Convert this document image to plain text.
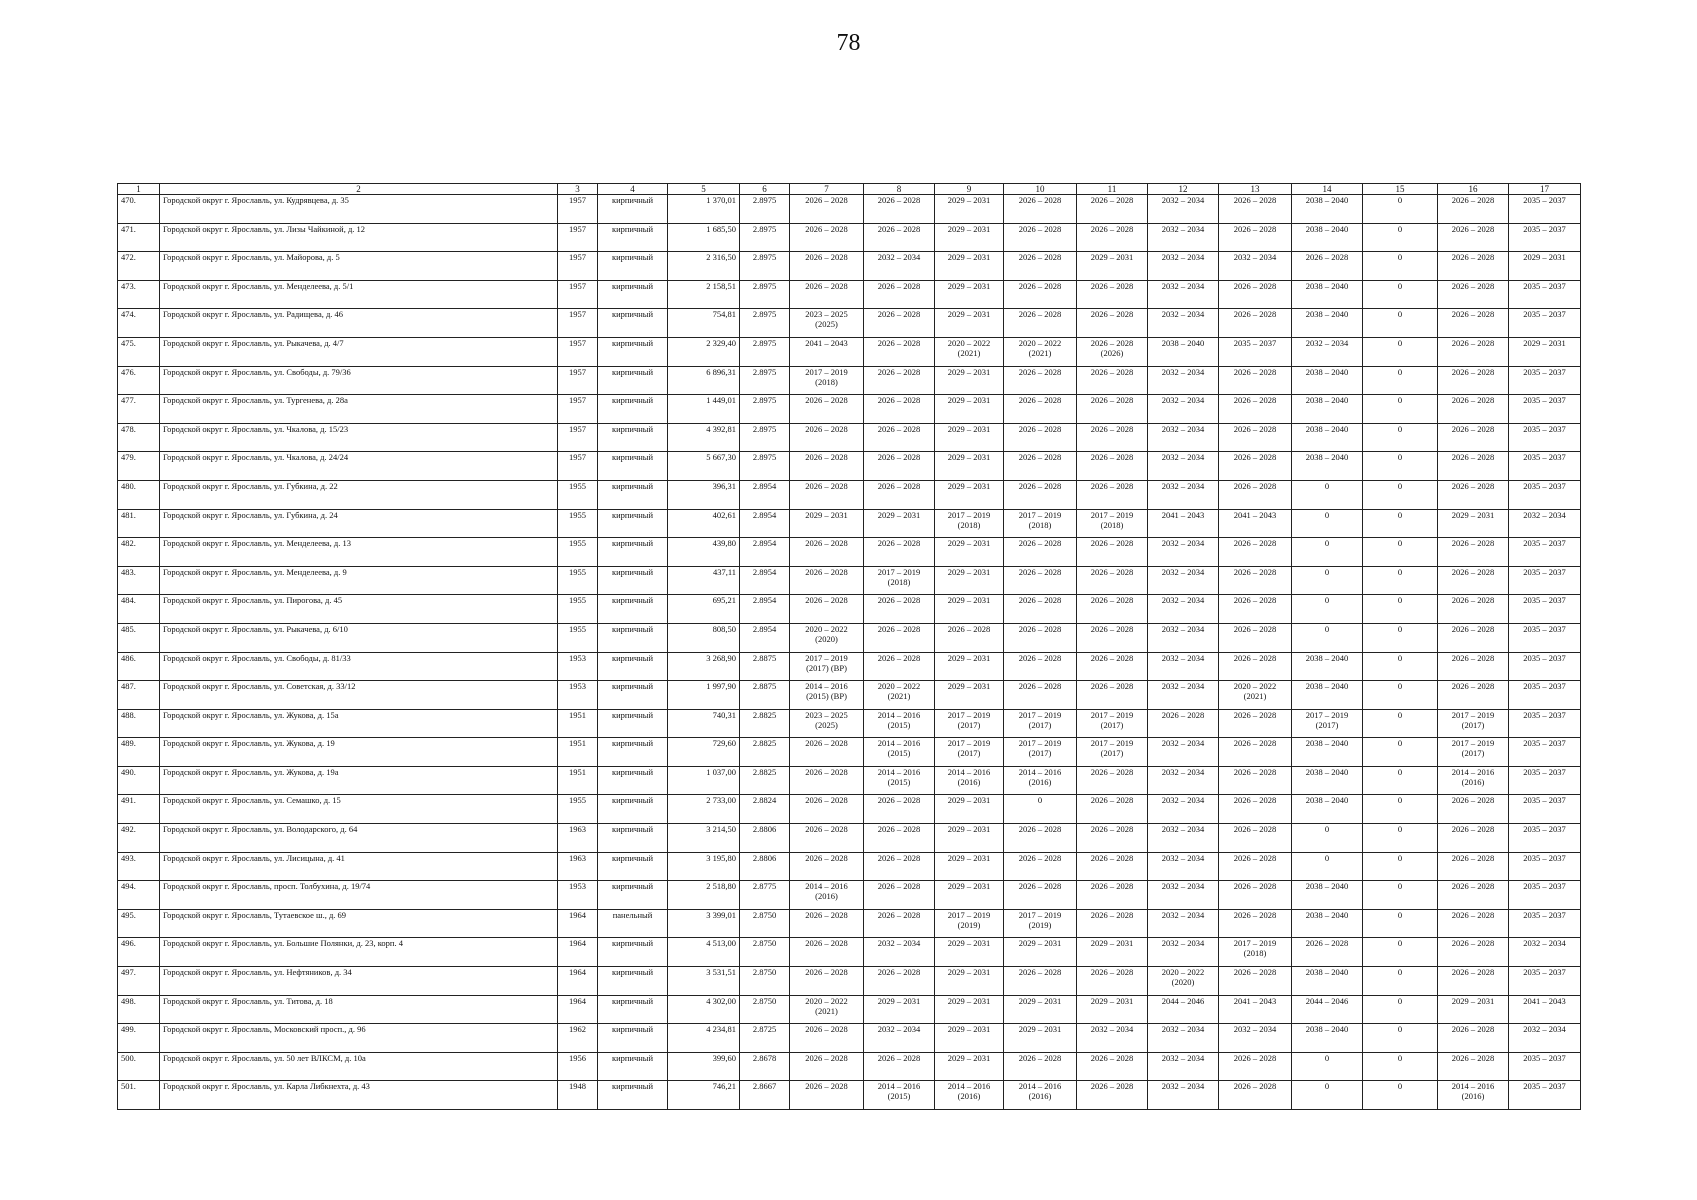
78
1	2	3	4	5	6	7	8	9	10	11	12	13	14	15	16	17
470.	Городской округ г. Ярославль, ул. Кудрявцева, д. 35	1957	кирпичный	1 370,01	2.8975	2026 – 2028	2026 – 2028	2029 – 2031	2026 – 2028	2026 – 2028	2032 – 2034	2026 – 2028	2038 – 2040	0	2026 – 2028	2035 – 2037
471.	Городской округ г. Ярославль, ул. Лизы Чайкиной, д. 12	1957	кирпичный	1 685,50	2.8975	2026 – 2028	2026 – 2028	2029 – 2031	2026 – 2028	2026 – 2028	2032 – 2034	2026 – 2028	2038 – 2040	0	2026 – 2028	2035 – 2037
472.	Городской округ г. Ярославль, ул. Майорова, д. 5	1957	кирпичный	2 316,50	2.8975	2026 – 2028	2032 – 2034	2029 – 2031	2026 – 2028	2029 – 2031	2032 – 2034	2032 – 2034	2026 – 2028	0	2026 – 2028	2029 – 2031
473.	Городской округ г. Ярославль, ул. Менделеева, д. 5/1	1957	кирпичный	2 158,51	2.8975	2026 – 2028	2026 – 2028	2029 – 2031	2026 – 2028	2026 – 2028	2032 – 2034	2026 – 2028	2038 – 2040	0	2026 – 2028	2035 – 2037
474.	Городской округ г. Ярославль, ул. Радищева, д. 46	1957	кирпичный	754,81	2.8975	2023 – 2025
(2025)	2026 – 2028	2029 – 2031	2026 – 2028	2026 – 2028	2032 – 2034	2026 – 2028	2038 – 2040	0	2026 – 2028	2035 – 2037
475.	Городской округ г. Ярославль, ул. Рыкачева, д. 4/7	1957	кирпичный	2 329,40	2.8975	2041 – 2043	2026 – 2028	2020 – 2022
(2021)	2020 – 2022
(2021)	2026 – 2028
(2026)	2038 – 2040	2035 – 2037	2032 – 2034	0	2026 – 2028	2029 – 2031
476.	Городской округ г. Ярославль, ул. Свободы, д. 79/36	1957	кирпичный	6 896,31	2.8975	2017 – 2019
(2018)	2026 – 2028	2029 – 2031	2026 – 2028	2026 – 2028	2032 – 2034	2026 – 2028	2038 – 2040	0	2026 – 2028	2035 – 2037
477.	Городской округ г. Ярославль, ул. Тургенева, д. 28а	1957	кирпичный	1 449,01	2.8975	2026 – 2028	2026 – 2028	2029 – 2031	2026 – 2028	2026 – 2028	2032 – 2034	2026 – 2028	2038 – 2040	0	2026 – 2028	2035 – 2037
478.	Городской округ г. Ярославль, ул. Чкалова, д. 15/23	1957	кирпичный	4 392,81	2.8975	2026 – 2028	2026 – 2028	2029 – 2031	2026 – 2028	2026 – 2028	2032 – 2034	2026 – 2028	2038 – 2040	0	2026 – 2028	2035 – 2037
479.	Городской округ г. Ярославль, ул. Чкалова, д. 24/24	1957	кирпичный	5 667,30	2.8975	2026 – 2028	2026 – 2028	2029 – 2031	2026 – 2028	2026 – 2028	2032 – 2034	2026 – 2028	2038 – 2040	0	2026 – 2028	2035 – 2037
480.	Городской округ г. Ярославль, ул. Губкина, д. 22	1955	кирпичный	396,31	2.8954	2026 – 2028	2026 – 2028	2029 – 2031	2026 – 2028	2026 – 2028	2032 – 2034	2026 – 2028	0	0	2026 – 2028	2035 – 2037
481.	Городской округ г. Ярославль, ул. Губкина, д. 24	1955	кирпичный	402,61	2.8954	2029 – 2031	2029 – 2031	2017 – 2019
(2018)	2017 – 2019
(2018)	2017 – 2019
(2018)	2041 – 2043	2041 – 2043	0	0	2029 – 2031	2032 – 2034
482.	Городской округ г. Ярославль, ул. Менделеева, д. 13	1955	кирпичный	439,80	2.8954	2026 – 2028	2026 – 2028	2029 – 2031	2026 – 2028	2026 – 2028	2032 – 2034	2026 – 2028	0	0	2026 – 2028	2035 – 2037
483.	Городской округ г. Ярославль, ул. Менделеева, д. 9	1955	кирпичный	437,11	2.8954	2026 – 2028	2017 – 2019
(2018)	2029 – 2031	2026 – 2028	2026 – 2028	2032 – 2034	2026 – 2028	0	0	2026 – 2028	2035 – 2037
484.	Городской округ г. Ярославль, ул. Пирогова, д. 45	1955	кирпичный	695,21	2.8954	2026 – 2028	2026 – 2028	2029 – 2031	2026 – 2028	2026 – 2028	2032 – 2034	2026 – 2028	0	0	2026 – 2028	2035 – 2037
485.	Городской округ г. Ярославль, ул. Рыкачева, д. 6/10	1955	кирпичный	808,50	2.8954	2020 – 2022
(2020)	2026 – 2028	2026 – 2028	2026 – 2028	2026 – 2028	2032 – 2034	2026 – 2028	0	0	2026 – 2028	2035 – 2037
486.	Городской округ г. Ярославль, ул. Свободы, д. 81/33	1953	кирпичный	3 268,90	2.8875	2017 – 2019
(2017) (ВР)	2026 – 2028	2029 – 2031	2026 – 2028	2026 – 2028	2032 – 2034	2026 – 2028	2038 – 2040	0	2026 – 2028	2035 – 2037
487.	Городской округ г. Ярославль, ул. Советская, д. 33/12	1953	кирпичный	1 997,90	2.8875	2014 – 2016
(2015) (ВР)	2020 – 2022
(2021)	2029 – 2031	2026 – 2028	2026 – 2028	2032 – 2034	2020 – 2022
(2021)	2038 – 2040	0	2026 – 2028	2035 – 2037
488.	Городской округ г. Ярославль, ул. Жукова, д. 15а	1951	кирпичный	740,31	2.8825	2023 – 2025
(2025)	2014 – 2016
(2015)	2017 – 2019
(2017)	2017 – 2019
(2017)	2017 – 2019
(2017)	2026 – 2028	2026 – 2028	2017 – 2019
(2017)	0	2017 – 2019
(2017)	2035 – 2037
489.	Городской округ г. Ярославль, ул. Жукова, д. 19	1951	кирпичный	729,60	2.8825	2026 – 2028	2014 – 2016
(2015)	2017 – 2019
(2017)	2017 – 2019
(2017)	2017 – 2019
(2017)	2032 – 2034	2026 – 2028	2038 – 2040	0	2017 – 2019
(2017)	2035 – 2037
490.	Городской округ г. Ярославль, ул. Жукова, д. 19а	1951	кирпичный	1 037,00	2.8825	2026 – 2028	2014 – 2016
(2015)	2014 – 2016
(2016)	2014 – 2016
(2016)	2026 – 2028	2032 – 2034	2026 – 2028	2038 – 2040	0	2014 – 2016
(2016)	2035 – 2037
491.	Городской округ г. Ярославль, ул. Семашко, д. 15	1955	кирпичный	2 733,00	2.8824	2026 – 2028	2026 – 2028	2029 – 2031	0	2026 – 2028	2032 – 2034	2026 – 2028	2038 – 2040	0	2026 – 2028	2035 – 2037
492.	Городской округ г. Ярославль, ул. Володарского, д. 64	1963	кирпичный	3 214,50	2.8806	2026 – 2028	2026 – 2028	2029 – 2031	2026 – 2028	2026 – 2028	2032 – 2034	2026 – 2028	0	0	2026 – 2028	2035 – 2037
493.	Городской округ г. Ярославль, ул. Лисицына, д. 41	1963	кирпичный	3 195,80	2.8806	2026 – 2028	2026 – 2028	2029 – 2031	2026 – 2028	2026 – 2028	2032 – 2034	2026 – 2028	0	0	2026 – 2028	2035 – 2037
494.	Городской округ г. Ярославль, просп. Толбухина, д. 19/74	1953	кирпичный	2 518,80	2.8775	2014 – 2016
(2016)	2026 – 2028	2029 – 2031	2026 – 2028	2026 – 2028	2032 – 2034	2026 – 2028	2038 – 2040	0	2026 – 2028	2035 – 2037
495.	Городской округ г. Ярославль, Тутаевское ш., д. 69	1964	панельный	3 399,01	2.8750	2026 – 2028	2026 – 2028	2017 – 2019
(2019)	2017 – 2019
(2019)	2026 – 2028	2032 – 2034	2026 – 2028	2038 – 2040	0	2026 – 2028	2035 – 2037
496.	Городской округ г. Ярославль, ул. Большие Полянки, д. 23, корп. 4	1964	кирпичный	4 513,00	2.8750	2026 – 2028	2032 – 2034	2029 – 2031	2029 – 2031	2029 – 2031	2032 – 2034	2017 – 2019
(2018)	2026 – 2028	0	2026 – 2028	2032 – 2034
497.	Городской округ г. Ярославль, ул. Нефтяников, д. 34	1964	кирпичный	3 531,51	2.8750	2026 – 2028	2026 – 2028	2029 – 2031	2026 – 2028	2026 – 2028	2020 – 2022
(2020)	2026 – 2028	2038 – 2040	0	2026 – 2028	2035 – 2037
498.	Городской округ г. Ярославль, ул. Титова, д. 18	1964	кирпичный	4 302,00	2.8750	2020 – 2022
(2021)	2029 – 2031	2029 – 2031	2029 – 2031	2029 – 2031	2044 – 2046	2041 – 2043	2044 – 2046	0	2029 – 2031	2041 – 2043
499.	Городской округ г. Ярославль, Московский просп., д. 96	1962	кирпичный	4 234,81	2.8725	2026 – 2028	2032 – 2034	2029 – 2031	2029 – 2031	2032 – 2034	2032 – 2034	2032 – 2034	2038 – 2040	0	2026 – 2028	2032 – 2034
500.	Городской округ г. Ярославль, ул. 50 лет ВЛКСМ, д. 10а	1956	кирпичный	399,60	2.8678	2026 – 2028	2026 – 2028	2029 – 2031	2026 – 2028	2026 – 2028	2032 – 2034	2026 – 2028	0	0	2026 – 2028	2035 – 2037
501.	Городской округ г. Ярославль, ул. Карла Либкнехта, д. 43	1948	кирпичный	746,21	2.8667	2026 – 2028	2014 – 2016
(2015)	2014 – 2016
(2016)	2014 – 2016
(2016)	2026 – 2028	2032 – 2034	2026 – 2028	0	0	2014 – 2016
(2016)	2035 – 2037
